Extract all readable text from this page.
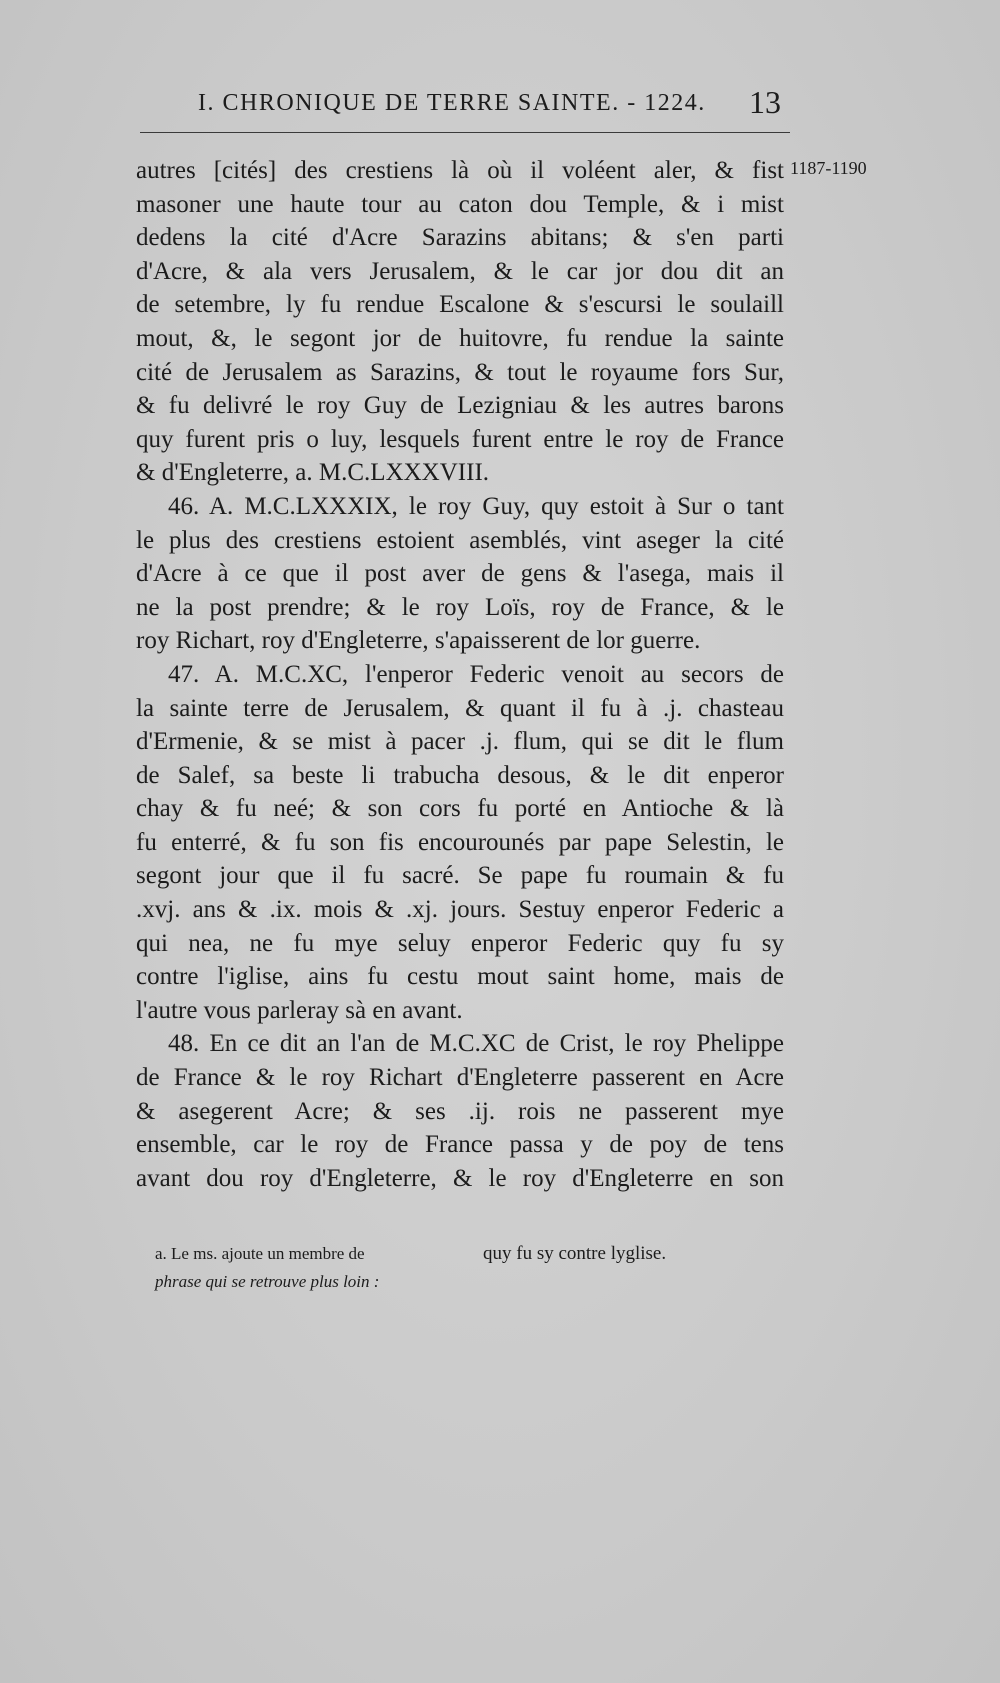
I. CHRONIQUE DE TERRE SAINTE. - 1224. 13
1187-1190
autres [cités] des crestiens là où il voléent aler, & fist
masoner une haute tour au caton dou Temple, & i mist
dedens la cité d'Acre Sarazins abitans; & s'en parti
d'Acre, & ala vers Jerusalem, & le car jor dou dit an
de setembre, ly fu rendue Escalone & s'escursi le soulaill
mout, &, le segont jor de huitovre, fu rendue la sainte
cité de Jerusalem as Sarazins, & tout le royaume fors Sur,
& fu delivré le roy Guy de Lezigniau & les autres barons
quy furent pris o luy, lesquels furent entre le roy de France
& d'Engleterre, a. M.C.LXXXVIII.
46. A. M.C.LXXXIX, le roy Guy, quy estoit à Sur o tant
le plus des crestiens estoient asemblés, vint aseger la cité
d'Acre à ce que il post aver de gens & l'asega, mais il
ne la post prendre; & le roy Loïs, roy de France, & le
roy Richart, roy d'Engleterre, s'apaisserent de lor guerre.
47. A. M.C.XC, l'enperor Federic venoit au secors de
la sainte terre de Jerusalem, & quant il fu à .j. chasteau
d'Ermenie, & se mist à pacer .j. flum, qui se dit le flum
de Salef, sa beste li trabucha desous, & le dit enperor
chay & fu neé; & son cors fu porté en Antioche & là
fu enterré, & fu son fis encourounés par pape Selestin, le
segont jour que il fu sacré. Se pape fu roumain & fu
.xvj. ans & .ix. mois & .xj. jours. Sestuy enperor Federic a
qui nea, ne fu mye seluy enperor Federic quy fu sy
contre l'iglise, ains fu cestu mout saint home, mais de
l'autre vous parleray sà en avant.
48. En ce dit an l'an de M.C.XC de Crist, le roy Phelippe
de France & le roy Richart d'Engleterre passerent en Acre
& asegerent Acre; & ses .ij. rois ne passerent mye
ensemble, car le roy de France passa y de poy de tens
avant dou roy d'Engleterre, & le roy d'Engleterre en son
a. Le ms. ajoute un membre de
phrase qui se retrouve plus loin :
quy fu sy contre lyglise.
